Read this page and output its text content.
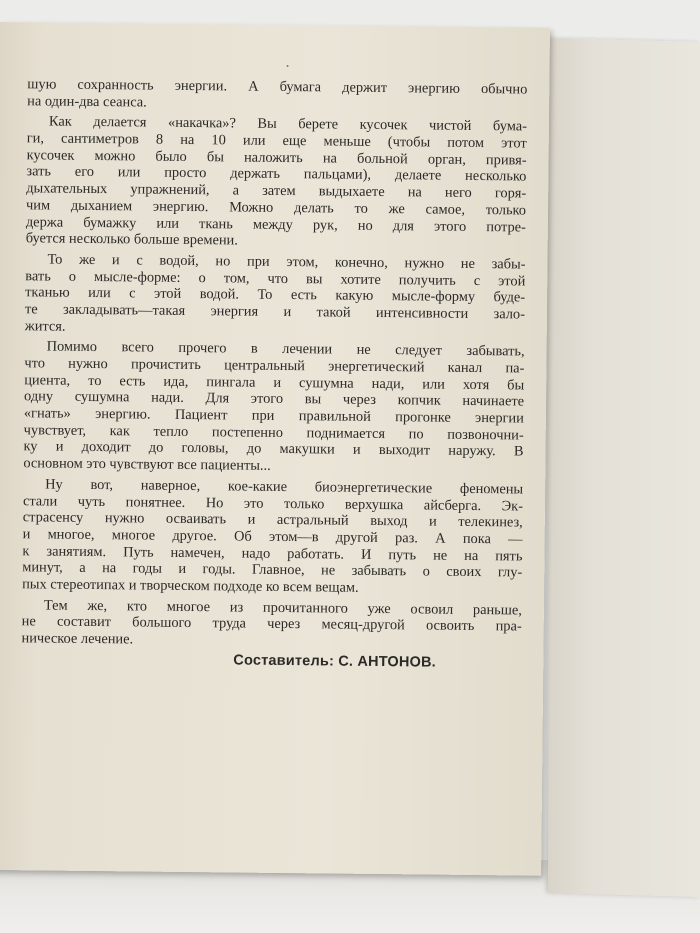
шую сохранность энергии. А бумага держит энергию обычно
на один-два сеанса.
Как делается «накачка»? Вы берете кусочек чистой бума-
ги, сантиметров 8 на 10 или еще меньше (чтобы потом этот
кусочек можно было бы наложить на больной орган, привя-
зать его или просто держать пальцами), делаете несколько
дыхательных упражнений, а затем выдыхаете на него горя-
чим дыханием энергию. Можно делать то же самое, только
держа бумажку или ткань между рук, но для этого потре-
буется несколько больше времени.
То же и с водой, но при этом, конечно, нужно не забы-
вать о мысле-форме: о том, что вы хотите получить с этой
тканью или с этой водой. То есть какую мысле-форму буде-
те закладывать—такая энергия и такой интенсивности зало-
жится.
Помимо всего прочего в лечении не следует забывать,
что нужно прочистить центральный энергетический канал па-
циента, то есть ида, пингала и сушумна нади, или хотя бы
одну сушумна нади. Для этого вы через копчик начинаете
«гнать» энергию. Пациент при правильной прогонке энергии
чувствует, как тепло постепенно поднимается по позвоночни-
ку и доходит до головы, до макушки и выходит наружу. В
основном это чувствуют все пациенты...
Ну вот, наверное, кое-какие биоэнергетические феномены
стали чуть понятнее. Но это только верхушка айсберга. Эк-
страсенсу нужно осваивать и астральный выход и телекинез,
и многое, многое другое. Об этом—в другой раз. А пока —
к занятиям. Путь намечен, надо работать. И путь не на пять
минут, а на годы и годы. Главное, не забывать о своих глу-
пых стереотипах и творческом подходе ко всем вещам.
Тем же, кто многое из прочитанного уже освоил раньше,
не составит большого труда через месяц-другой освоить пра-
ническое лечение.
Составитель: С. АНТОНОВ.
